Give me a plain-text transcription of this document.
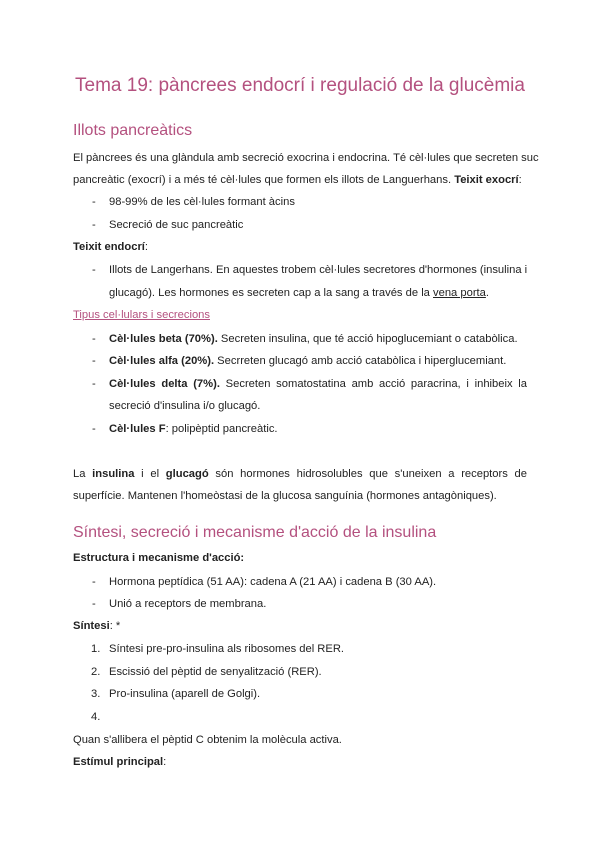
Tema 19: pàncrees endocrí i regulació de la glucèmia
Illots pancreàtics
El pàncrees és una glàndula amb secreció exocrina i endocrina. Té cèl·lules que secreten suc
pancreàtic (exocrí) i a més té cèl·lules que formen els illots de Languerhans. Teixit exocrí:
- 98-99% de les cèl·lules formant àcins
- Secreció de suc pancreàtic
Teixit endocrí:
- Illots de Langerhans. En aquestes trobem cèl·lules secretores d'hormones (insulina i
glucagó). Les hormones es secreten cap a la sang a través de la vena porta.
Tipus cel·lulars i secrecions
- Cèl·lules beta (70%). Secreten insulina, que té acció hipoglucemiant o catabòlica.
- Cèl·lules alfa (20%). Secrreten glucagó amb acció catabòlica i hiperglucemiant.
- Cèl·lules delta (7%). Secreten somatostatina amb acció paracrina, i inhibeix la
secreció d'insulina i/o glucagó.
- Cèl·lules F: polipèptid pancreàtic.
La insulina i el glucagó són hormones hidrosolubles que s'uneixen a receptors de
superfície. Mantenen l'homeòstasi de la glucosa sanguínia (hormones antagòniques).
Síntesi, secreció i mecanisme d'acció de la insulina
Estructura i mecanisme d'acció:
- Hormona peptídica (51 AA): cadena A (21 AA) i cadena B (30 AA).
- Unió a receptors de membrana.
Síntesi: *
1. Síntesi pre-pro-insulina als ribosomes del RER.
2. Escissió del pèptid de senyalització (RER).
3. Pro-insulina (aparell de Golgi).
4.
Quan s'allibera el pèptid C obtenim la molècula activa.
Estímul principal:
